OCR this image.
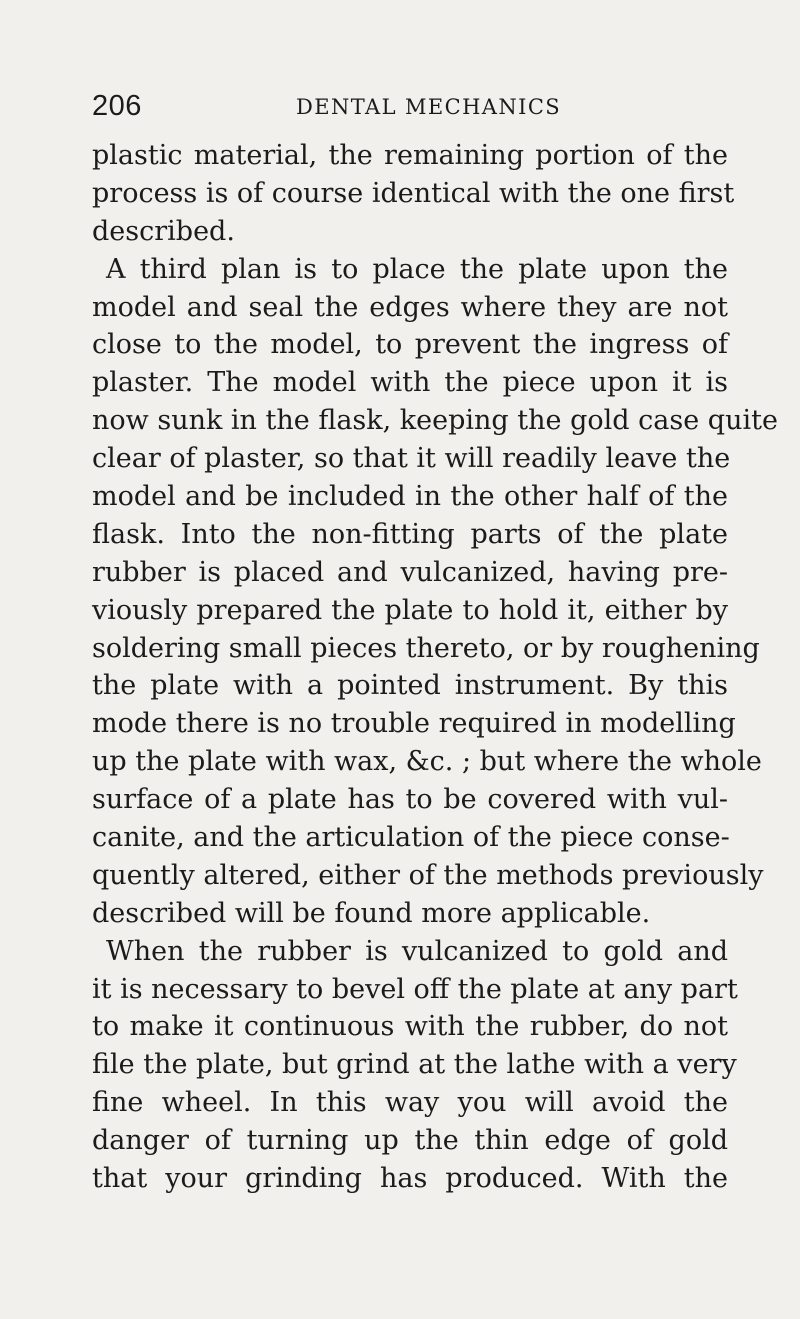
206	DENTAL MECHANICS
plastic material, the remaining portion of the
process is of course identical with the one first
described.
A third plan is to place the plate upon the
model and seal the edges where they are not
close to the model, to prevent the ingress of
plaster. The model with the piece upon it is
now sunk in the flask, keeping the gold case quite
clear of plaster, so that it will readily leave the
model and be included in the other half of the
flask. Into the non-fitting parts of the plate
rubber is placed and vulcanized, having pre-
viously prepared the plate to hold it, either by
soldering small pieces thereto, or by roughening
the plate with a pointed instrument. By this
mode there is no trouble required in modelling
up the plate with wax, &c. ; but where the whole
surface of a plate has to be covered with vul-
canite, and the articulation of the piece conse-
quently altered, either of the methods previously
described will be found more applicable.
When the rubber is vulcanized to gold and
it is necessary to bevel off the plate at any part
to make it continuous with the rubber, do not
file the plate, but grind at the lathe with a very
fine wheel. In this way you will avoid the
danger of turning up the thin edge of gold
that your grinding has produced. With the
